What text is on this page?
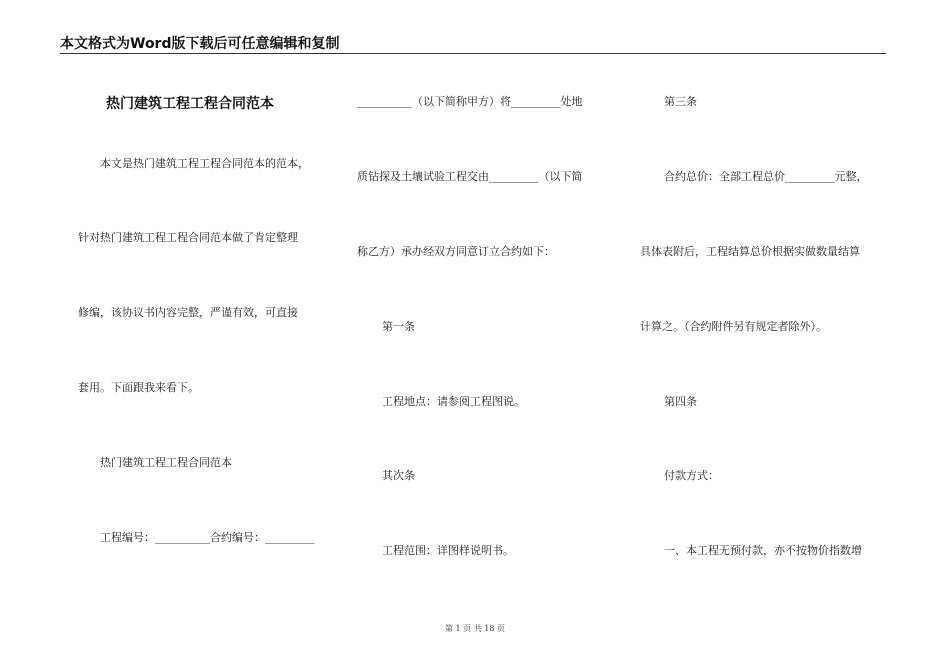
本文格式为Word版下载后可任意编辑和复制
热门建筑工程工程合同范本
本文是热门建筑工程工程合同范本的范本，
针对热门建筑工程工程合同范本做了肯定整理
修编，该协议书内容完整，严谨有效，可直接
套用。下面跟我来看下。
热门建筑工程工程合同范本
工程编号：__________合约编号：_________
__________（以下简称甲方）将_________处地
质钻探及土壤试验工程交由_________（以下简
称乙方）承办经双方同意订立合约如下：
第一条
工程地点：请参阅工程图说。
其次条
工程范围：详图样说明书。
第三条
合约总价：全部工程总价_________元整，
具体表附后，工程结算总价根据实做数量结算
计算之。（合约附件另有规定者除外）。
第四条
付款方式：
一、本工程无预付款，亦不按物价指数增
第 1 页 共 18 页
